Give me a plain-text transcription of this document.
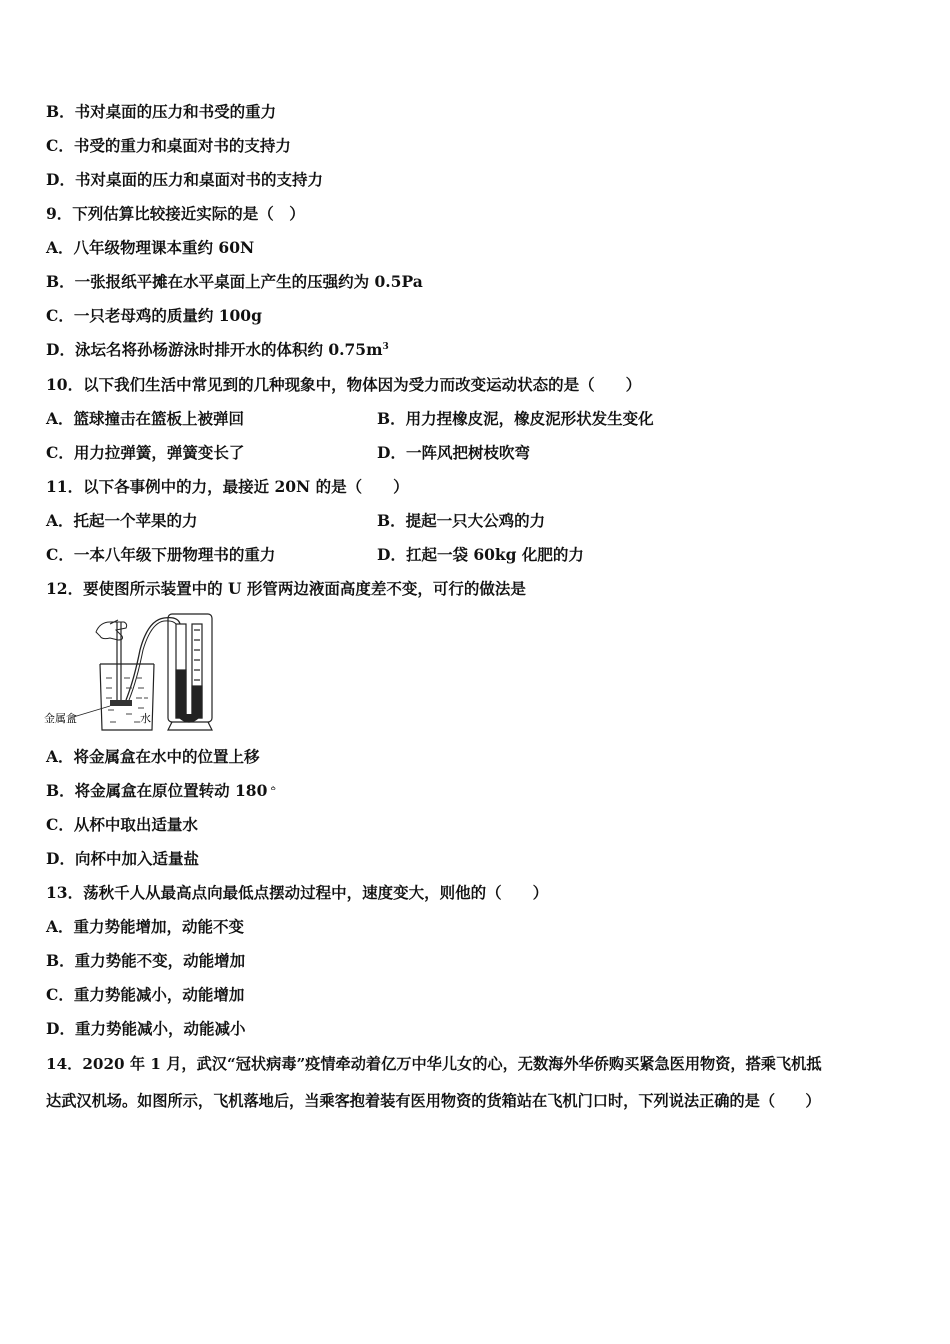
B．书对桌面的压力和书受的重力
C．书受的重力和桌面对书的支持力
D．书对桌面的压力和桌面对书的支持力
9．下列估算比较接近实际的是（　）
A．八年级物理课本重约 60N
B．一张报纸平摊在水平桌面上产生的压强约为 0.5Pa
C．一只老母鸡的质量约 100g
D．泳坛名将孙杨游泳时排开水的体积约 $0.75m^3$
10．以下我们生活中常见到的几种现象中，物体因为受力而改变运动状态的是（　　）
A．篮球撞击在篮板上被弹回	B．用力捏橡皮泥，橡皮泥形状发生变化
C．用力拉弹簧，弹簧变长了	D．一阵风把树枝吹弯
11．以下各事例中的力，最接近 20N 的是（　　）
A．托起一个苹果的力	B．提起一只大公鸡的力
C．一本八年级下册物理书的重力	D．扛起一袋 60kg 化肥的力
12．要使图所示装置中的 U 形管两边液面高度差不变，可行的做法是
金属盒	水
A．将金属盒在水中的位置上移
B．将金属盒在原位置转动 180ᅌ
C．从杯中取出适量水
D．向杯中加入适量盐
13．荡秋千人从最高点向最低点摆动过程中，速度变大，则他的（　　）
A．重力势能增加，动能不变
B．重力势能不变，动能增加
C．重力势能减小，动能增加
D．重力势能减小，动能减小
14．2020 年 1 月，武汉“冠状病毒”疫情牵动着亿万中华儿女的心，无数海外华侨购买紧急医用物资，搭乘飞机抵
达武汉机场。如图所示，飞机落地后，当乘客抱着装有医用物资的货箱站在飞机门口时，下列说法正确的是（　　）
